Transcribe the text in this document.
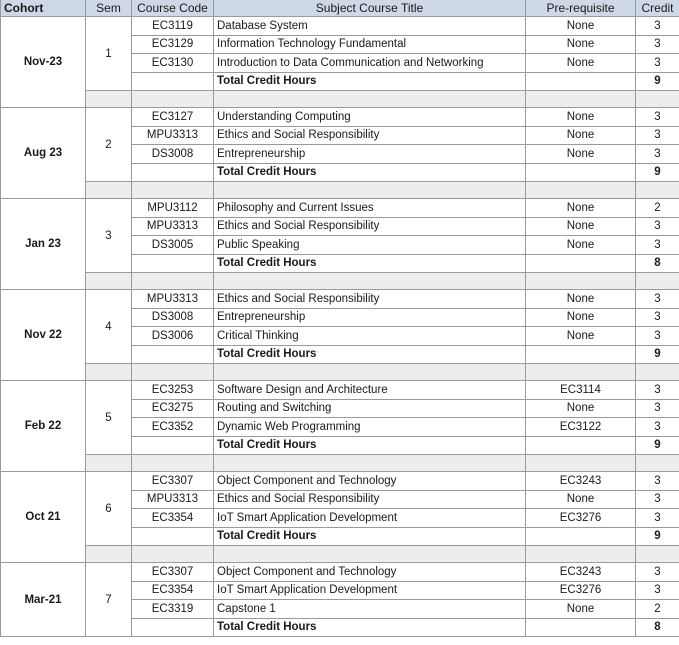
Cohort	Sem	Course Code	Subject Course Title	Pre-requisite	Credit
Nov-23	1	EC3119	Database System	None	3
		EC3129	Information Technology Fundamental	None	3
		EC3130	Introduction to Data Communication and Networking	None	3
			Total Credit Hours		9

Aug 23	2	EC3127	Understanding Computing	None	3
		MPU3313	Ethics and Social Responsibility	None	3
		DS3008	Entrepreneurship	None	3
			Total Credit Hours		9

Jan 23	3	MPU3112	Philosophy and Current Issues	None	2
		MPU3313	Ethics and Social Responsibility	None	3
		DS3005	Public Speaking	None	3
			Total Credit Hours		8

Nov 22	4	MPU3313	Ethics and Social Responsibility	None	3
		DS3008	Entrepreneurship	None	3
		DS3006	Critical Thinking	None	3
			Total Credit Hours		9

Feb 22	5	EC3253	Software Design and Architecture	EC3114	3
		EC3275	Routing and Switching	None	3
		EC3352	Dynamic Web Programming	EC3122	3
			Total Credit Hours		9

Oct 21	6	EC3307	Object Component and Technology	EC3243	3
		MPU3313	Ethics and Social Responsibility	None	3
		EC3354	IoT Smart Application Development	EC3276	3
			Total Credit Hours		9

Mar-21	7	EC3307	Object Component and Technology	EC3243	3
		EC3354	IoT Smart Application Development	EC3276	3
		EC3319	Capstone 1	None	2
			Total Credit Hours		8
